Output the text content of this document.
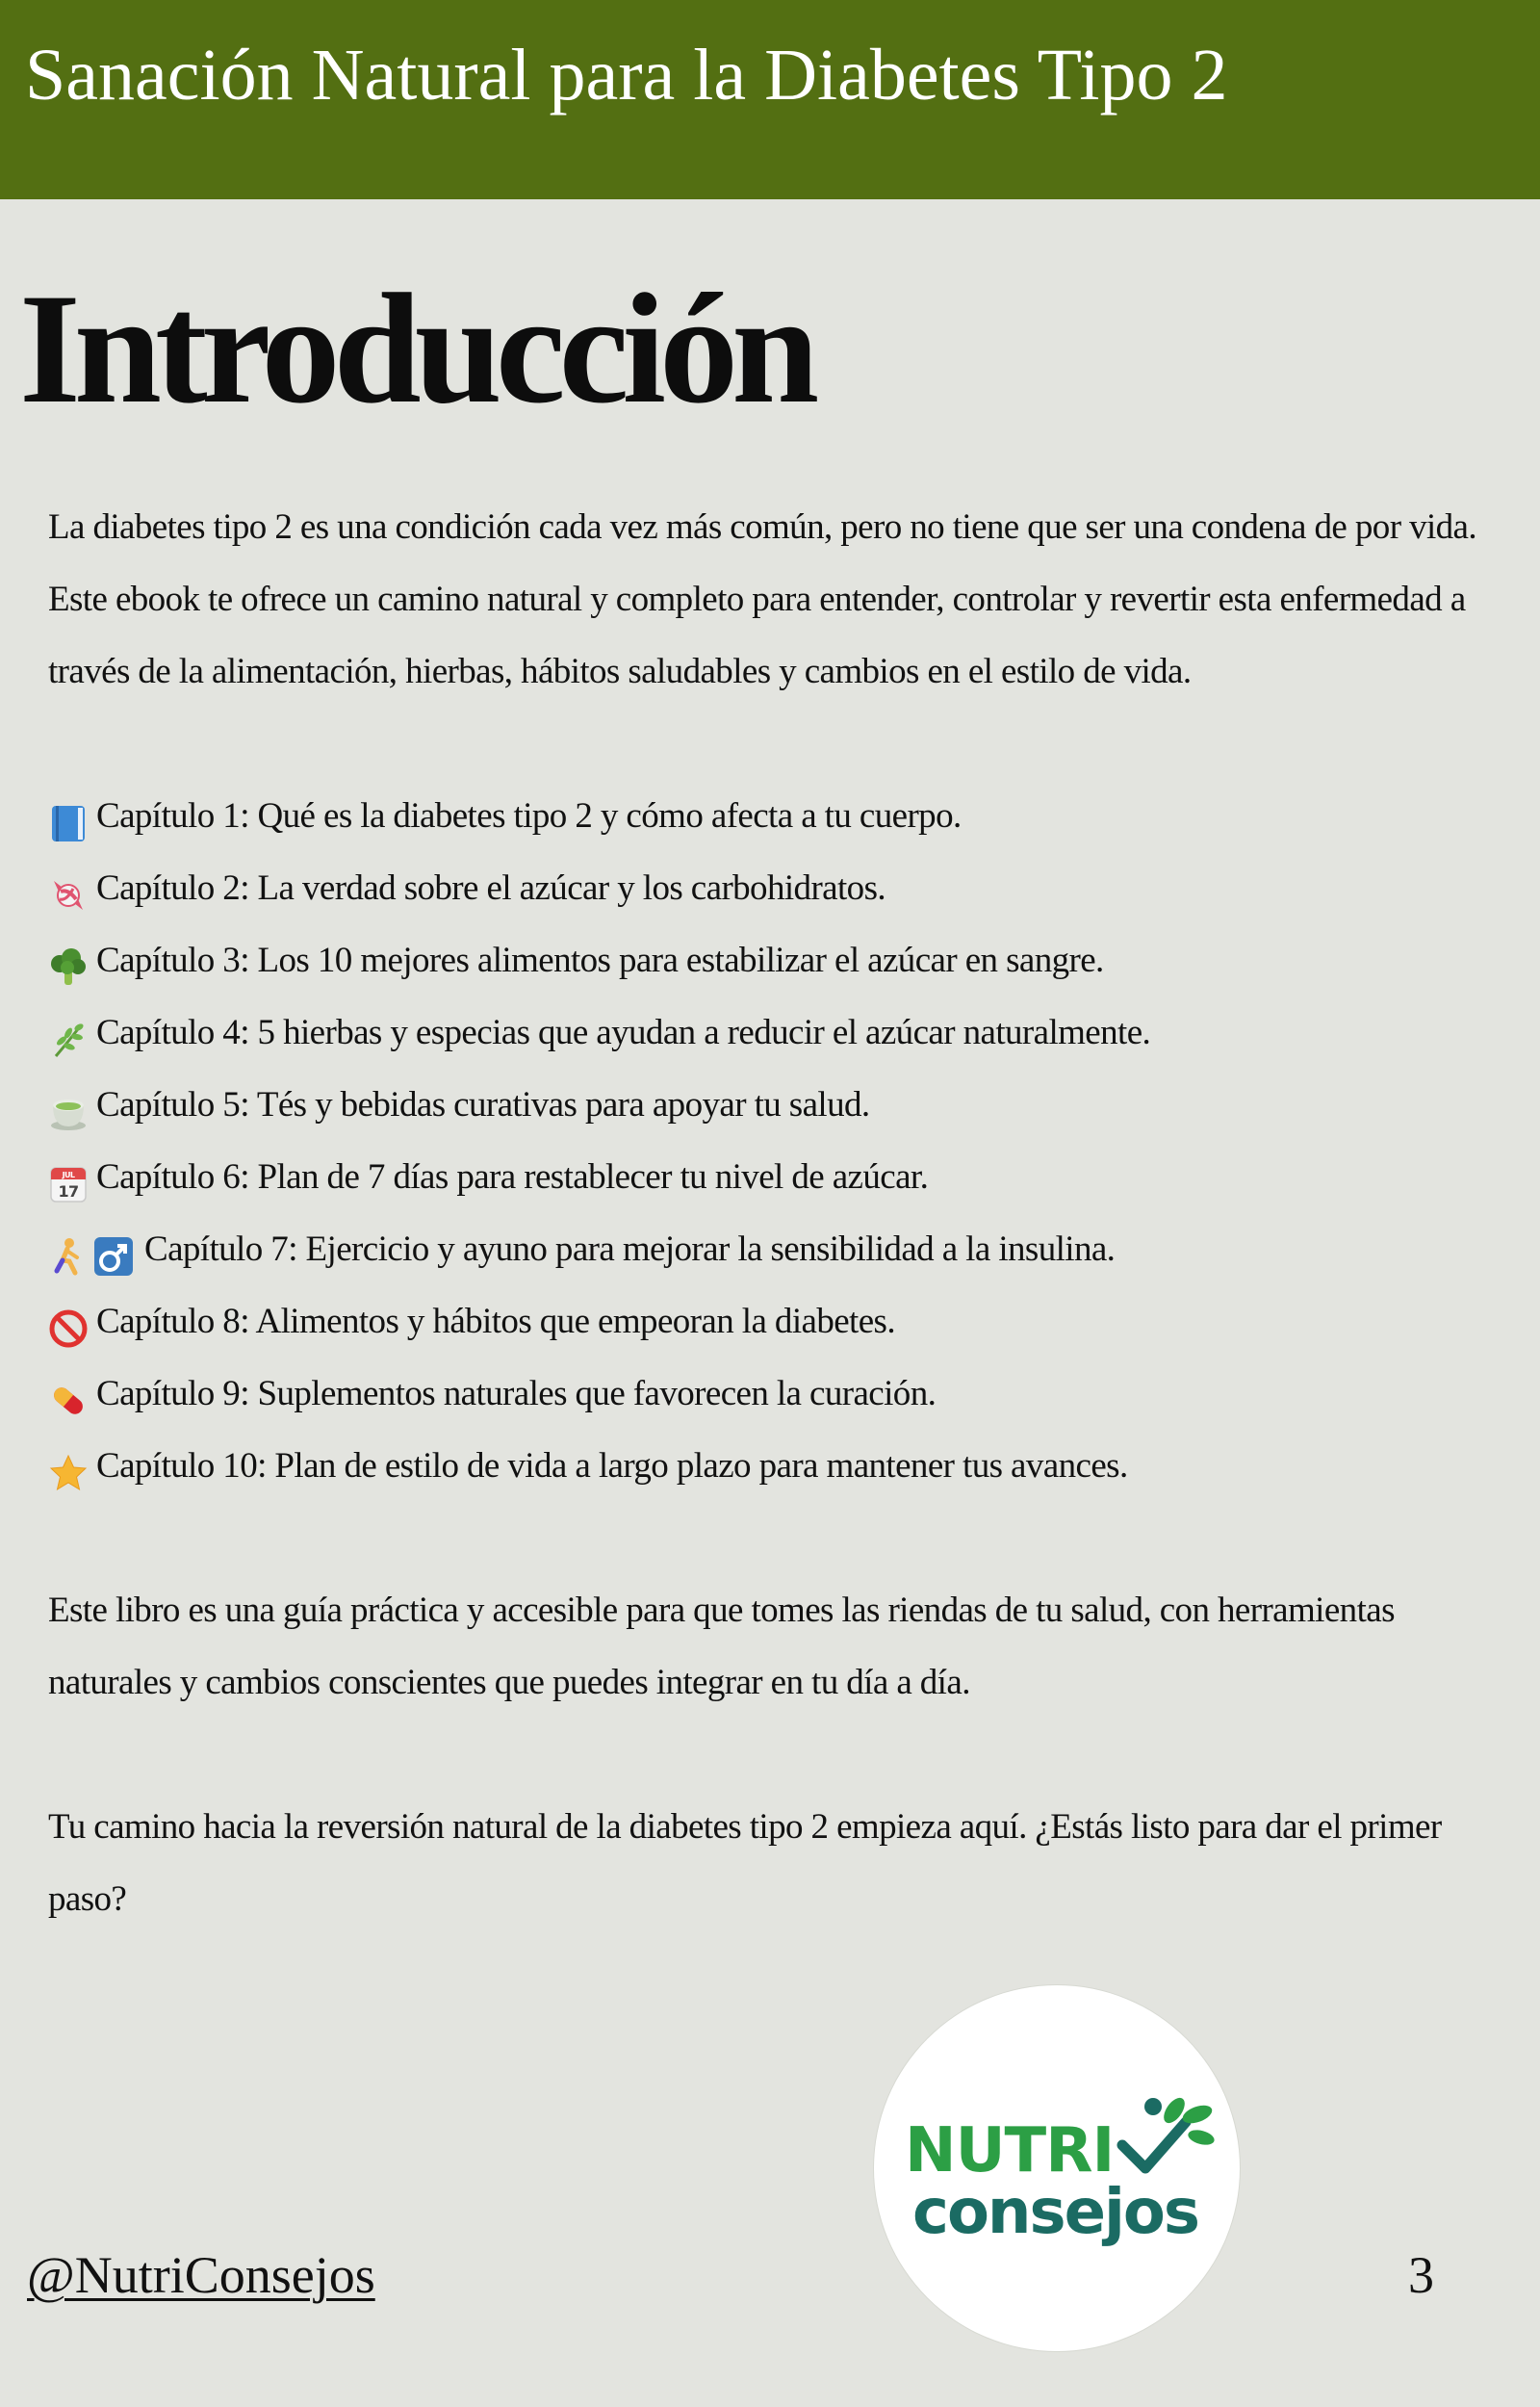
Sanación Natural para la Diabetes Tipo 2
Introducción

La diabetes tipo 2 es una condición cada vez más común, pero no tiene que ser una condena de por vida. Este ebook te ofrece un camino natural y completo para entender, controlar y revertir esta enfermedad a través de la alimentación, hierbas, hábitos saludables y cambios en el estilo de vida.

Capítulo 1: Qué es la diabetes tipo 2 y cómo afecta a tu cuerpo.
Capítulo 2: La verdad sobre el azúcar y los carbohidratos.
Capítulo 3: Los 10 mejores alimentos para estabilizar el azúcar en sangre.
Capítulo 4: 5 hierbas y especias que ayudan a reducir el azúcar naturalmente.
Capítulo 5: Tés y bebidas curativas para apoyar tu salud.
JUL
17 Capítulo 6: Plan de 7 días para restablecer tu nivel de azúcar.
Capítulo 7: Ejercicio y ayuno para mejorar la sensibilidad a la insulina.
Capítulo 8: Alimentos y hábitos que empeoran la diabetes.
Capítulo 9: Suplementos naturales que favorecen la curación.
Capítulo 10: Plan de estilo de vida a largo plazo para mantener tus avances.

Este libro es una guía práctica y accesible para que tomes las riendas de tu salud, con herramientas naturales y cambios conscientes que puedes integrar en tu día a día.

Tu camino hacia la reversión natural de la diabetes tipo 2 empieza aquí. ¿Estás listo para dar el primer paso?

NUTRI
consejos
@NutriConsejos	3
